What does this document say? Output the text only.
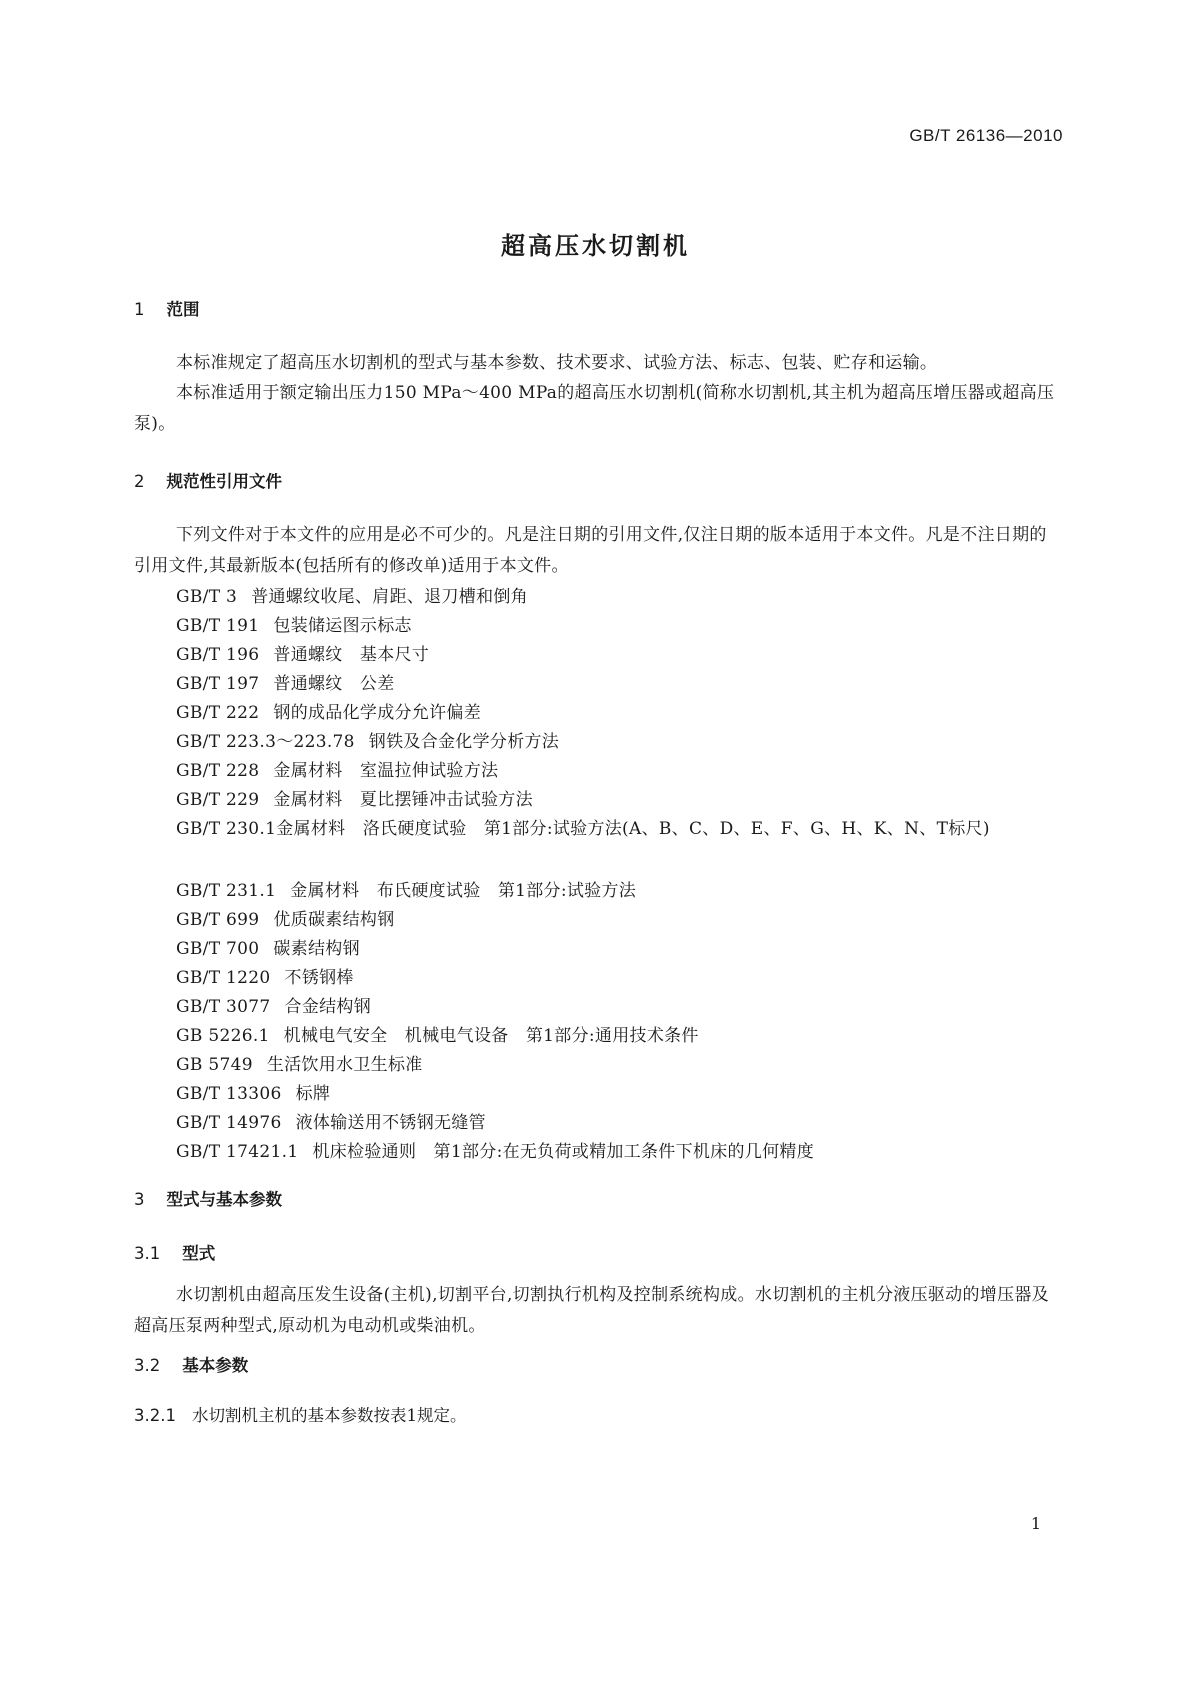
GB/T 26136—2010
超高压水切割机
1 范围
本标准规定了超高压水切割机的型式与基本参数、技术要求、试验方法、标志、包装、贮存和运输。
本标准适用于额定输出压力150 MPa～400 MPa的超高压水切割机(简称水切割机,其主机为超高压增压器或超高压泵)。
2 规范性引用文件
下列文件对于本文件的应用是必不可少的。凡是注日期的引用文件,仅注日期的版本适用于本文件。凡是不注日期的引用文件,其最新版本(包括所有的修改单)适用于本文件。
GB/T 3 普通螺纹收尾、肩距、退刀槽和倒角
GB/T 191 包装储运图示标志
GB/T 196 普通螺纹　基本尺寸
GB/T 197 普通螺纹　公差
GB/T 222 钢的成品化学成分允许偏差
GB/T 223.3～223.78 钢铁及合金化学分析方法
GB/T 228 金属材料　室温拉伸试验方法
GB/T 229 金属材料　夏比摆锤冲击试验方法
GB/T 230.1金属材料　洛氏硬度试验　第1部分:试验方法(A、B、C、D、E、F、G、H、K、N、T标尺)
GB/T 231.1 金属材料　布氏硬度试验　第1部分:试验方法
GB/T 699 优质碳素结构钢
GB/T 700 碳素结构钢
GB/T 1220 不锈钢棒
GB/T 3077 合金结构钢
GB 5226.1 机械电气安全　机械电气设备　第1部分:通用技术条件
GB 5749 生活饮用水卫生标准
GB/T 13306 标牌
GB/T 14976 液体输送用不锈钢无缝管
GB/T 17421.1 机床检验通则　第1部分:在无负荷或精加工条件下机床的几何精度
3 型式与基本参数
3.1 型式
水切割机由超高压发生设备(主机),切割平台,切割执行机构及控制系统构成。水切割机的主机分液压驱动的增压器及超高压泵两种型式,原动机为电动机或柴油机。
3.2 基本参数
3.2.1 水切割机主机的基本参数按表1规定。
1
